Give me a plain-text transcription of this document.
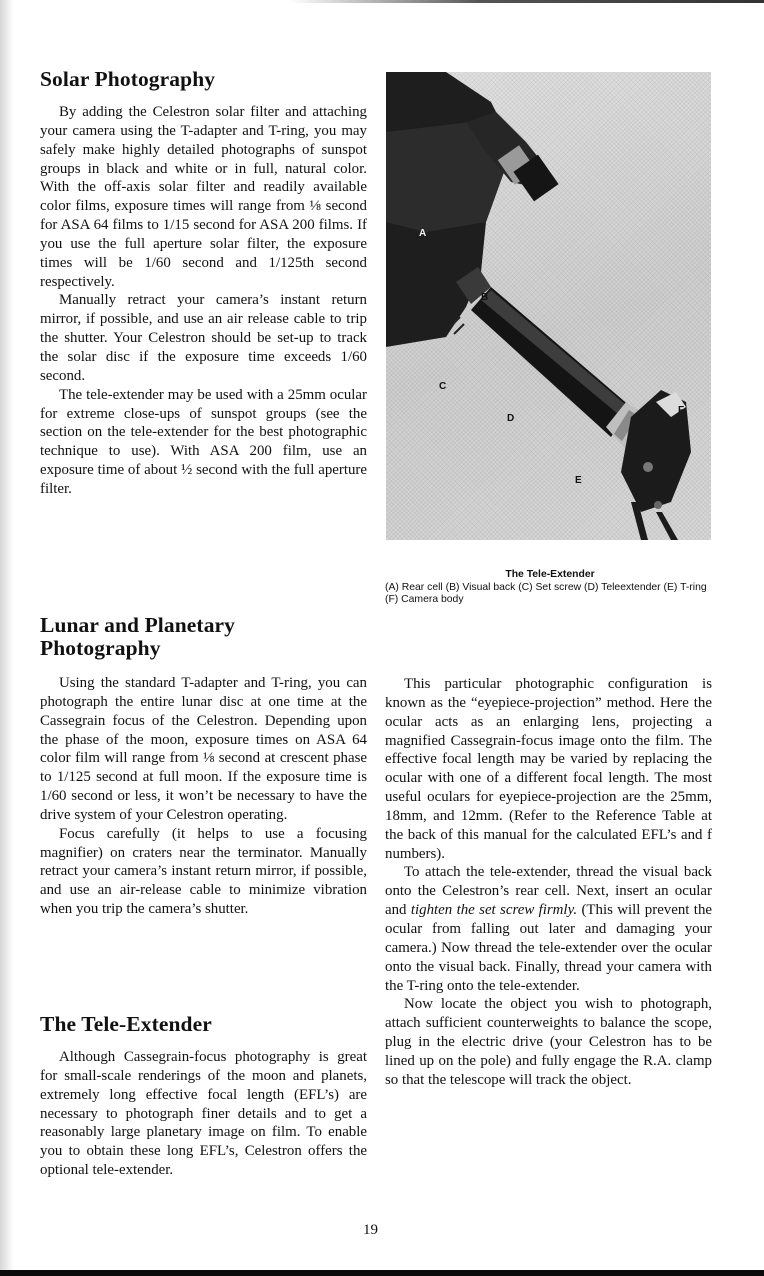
Solar Photography

By adding the Celestron solar filter and attaching your camera using the T-adapter and T-ring, you may safely make highly detailed photographs of sunspot groups in black and white or in full, natural color. With the off-axis solar filter and readily available color films, exposure times will range from ⅛ second for ASA 64 films to 1/15 second for ASA 200 films. If you use the full aperture solar filter, the exposure times will be 1/60 second and 1/125th second respectively.

Manually retract your camera’s instant return mirror, if possible, and use an air release cable to trip the shutter. Your Celestron should be set-up to track the solar disc if the exposure time exceeds 1/60 second.

The tele-extender may be used with a 25mm ocular for extreme close-ups of sunspot groups (see the section on the tele-extender for the best photographic technique to use). With ASA 200 film, use an exposure time of about ½ second with the full aperture filter.

Lunar and Planetary Photography

Using the standard T-adapter and T-ring, you can photograph the entire lunar disc at one time at the Cassegrain focus of the Celestron. Depending upon the phase of the moon, exposure times on ASA 64 color film will range from ⅛ second at crescent phase to 1/125 second at full moon. If the exposure time is 1/60 second or less, it won’t be necessary to have the drive system of your Celestron operating.

Focus carefully (it helps to use a focusing magnifier) on craters near the terminator. Manually retract your camera’s instant return mirror, if possible, and use an air-release cable to minimize vibration when you trip the camera’s shutter.

The Tele-Extender

Although Cassegrain-focus photography is great for small-scale renderings of the moon and planets, extremely long effective focal length (EFL’s) are necessary to photograph finer details and to get a reasonably large planetary image on film. To enable you to obtain these long EFL’s, Celestron offers the optional tele-extender.

A
B
C
D
E
F
The Tele-Extender
(A) Rear cell (B) Visual back (C) Set screw (D) Teleextender (E) T-ring (F) Camera body

This particular photographic configuration is known as the “eyepiece-projection” method. Here the ocular acts as an enlarging lens, projecting a magnified Cassegrain-focus image onto the film. The effective focal length may be varied by replacing the ocular with one of a different focal length. The most useful oculars for eyepiece-projection are the 25mm, 18mm, and 12mm. (Refer to the Reference Table at the back of this manual for the calculated EFL’s and f numbers).

To attach the tele-extender, thread the visual back onto the Celestron’s rear cell. Next, insert an ocular and tighten the set screw firmly. (This will prevent the ocular from falling out later and damaging your camera.) Now thread the tele-extender over the ocular onto the visual back. Finally, thread your camera with the T-ring onto the tele-extender.

Now locate the object you wish to photograph, attach sufficient counterweights to balance the scope, plug in the electric drive (your Celestron has to be lined up on the pole) and fully engage the R.A. clamp so that the telescope will track the object.

19
